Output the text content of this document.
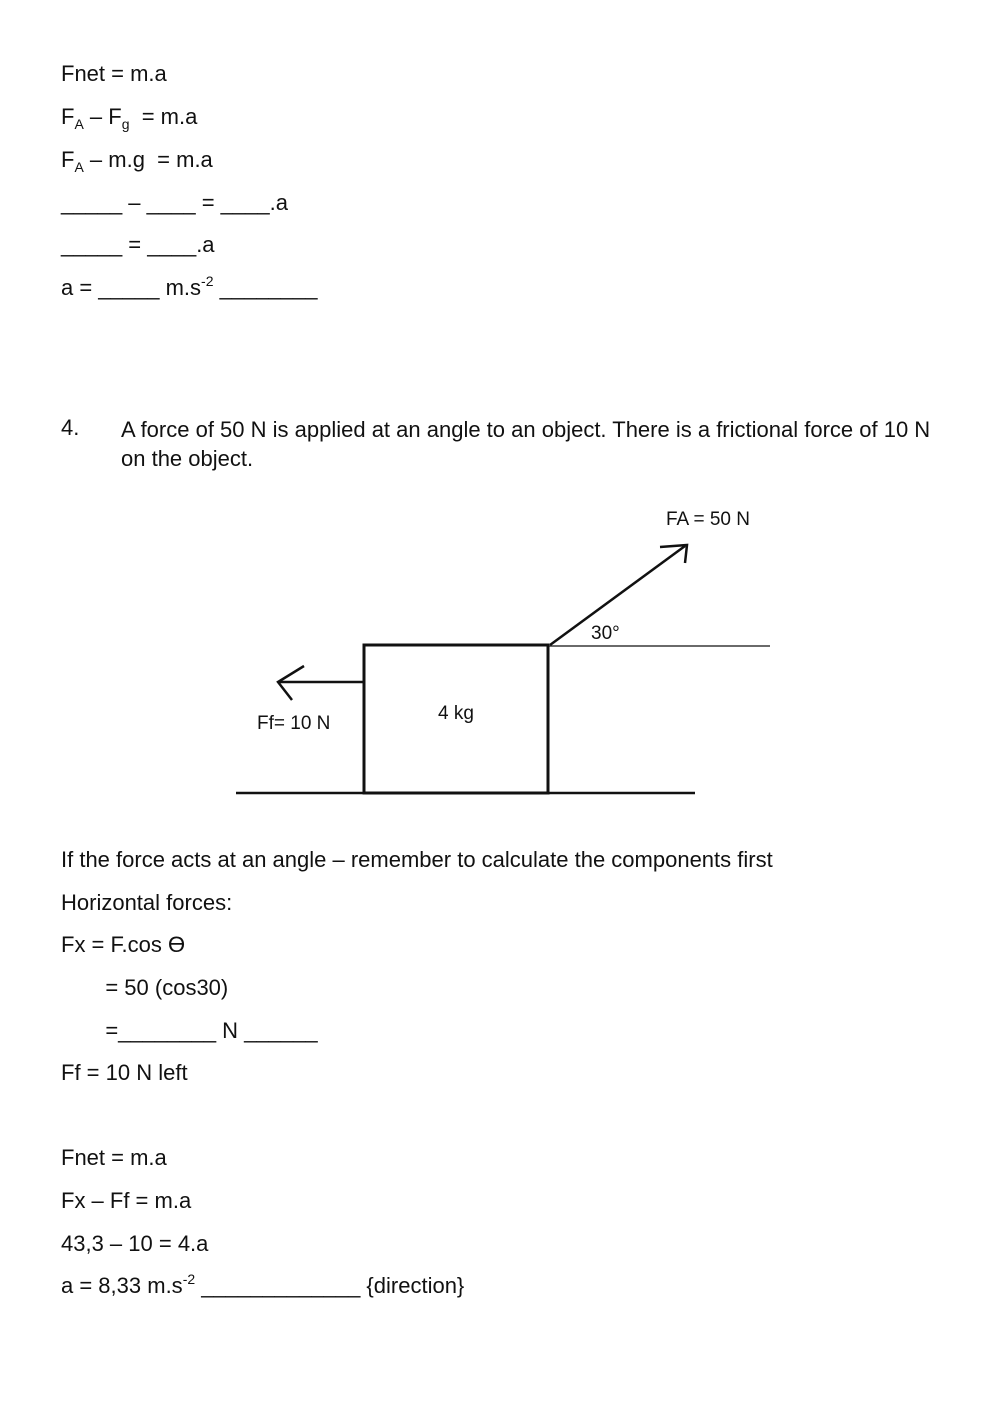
Fnet = m.a
$F_A - F_g = m.a$
$F_A - m.g = m.a$
_____ – ____ = ____.a
_____ = ____.a
a = _____ $m.s^{-2}$ ________
4. A force of 50 N is applied at an angle to an object. There is a frictional force of 10 N on the object.
FA = 50 N
30°
4 kg
Ff= 10 N
If the force acts at an angle – remember to calculate the components first
Horizontal forces:
Fx = F.cos ϴ
= 50 (cos30)
=________ N ______
Ff = 10 N left
Fnet = m.a
Fx – Ff = m.a
43,3 – 10 = 4.a
a = 8,33 $m.s^{-2}$ _____________ {direction}
